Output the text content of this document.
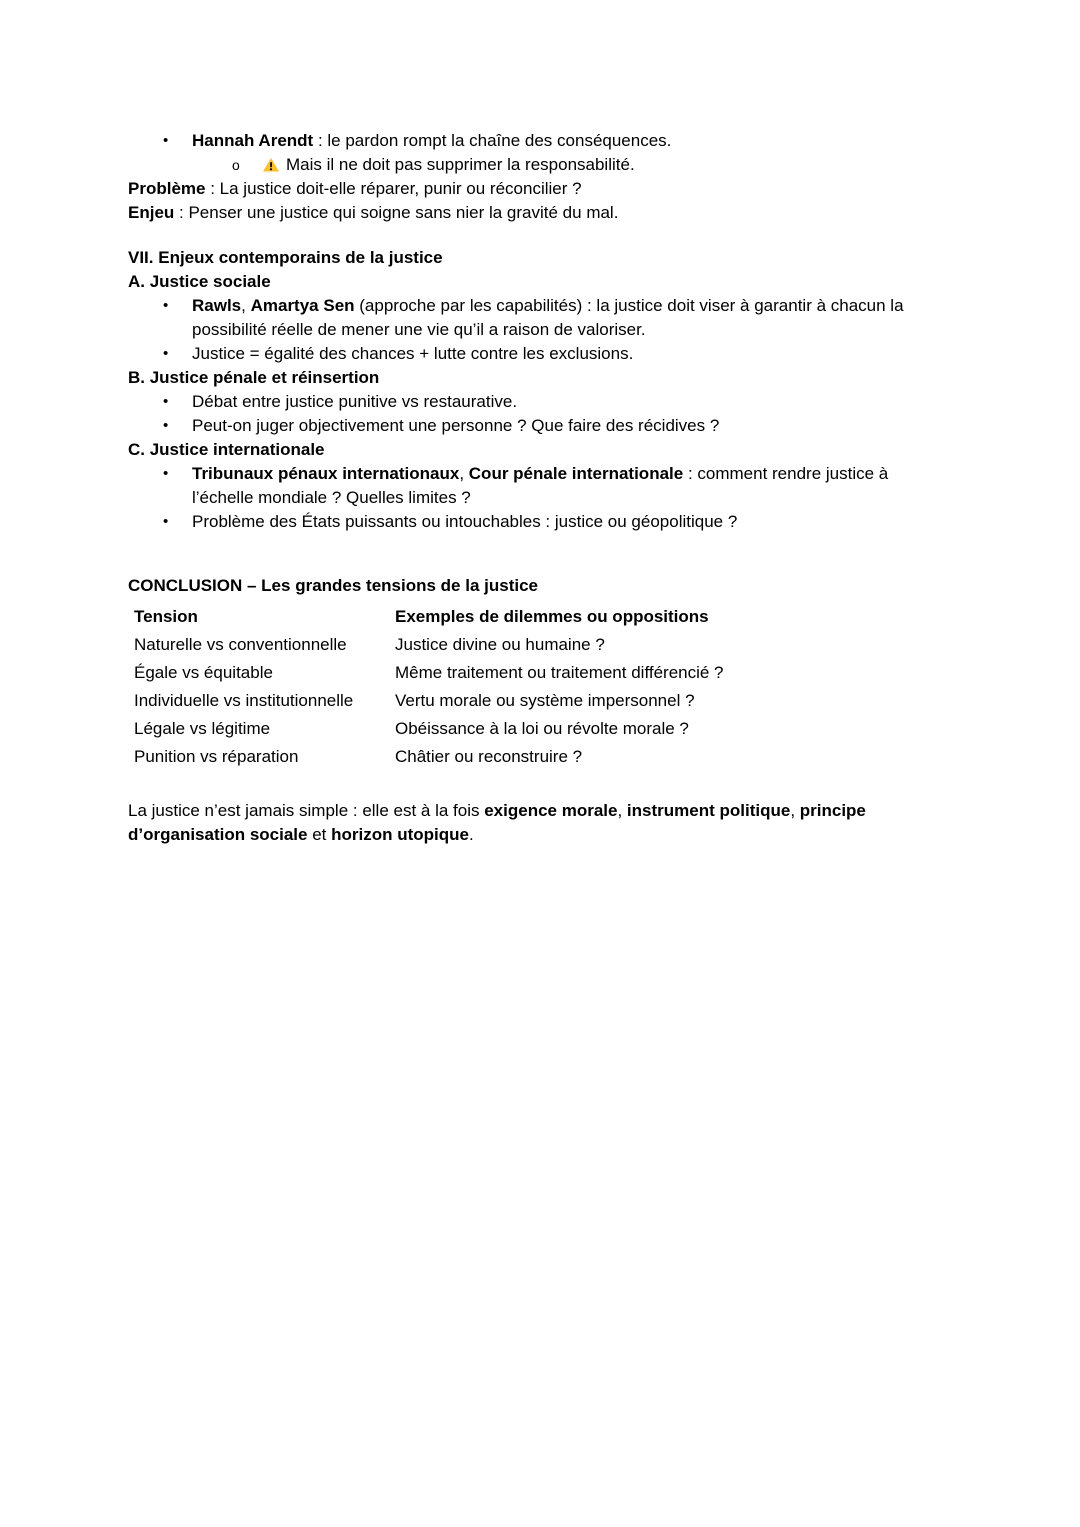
•	Hannah Arendt : le pardon rompt la chaîne des conséquences.
o	Mais il ne doit pas supprimer la responsabilité.

Problème : La justice doit-elle réparer, punir ou réconcilier ?

Enjeu : Penser une justice qui soigne sans nier la gravité du mal.

VII. Enjeux contemporains de la justice

A. Justice sociale

•	Rawls, Amartya Sen (approche par les capabilités) : la justice doit viser à garantir à chacun la possibilité réelle de mener une vie qu’il a raison de valoriser.
•	Justice = égalité des chances + lutte contre les exclusions.

B. Justice pénale et réinsertion

•	Débat entre justice punitive vs restaurative.
•	Peut-on juger objectivement une personne ? Que faire des récidives ?

C. Justice internationale

•	Tribunaux pénaux internationaux, Cour pénale internationale : comment rendre justice à l’échelle mondiale ? Quelles limites ?
•	Problème des États puissants ou intouchables : justice ou géopolitique ?

CONCLUSION – Les grandes tensions de la justice

Tension	Exemples de dilemmes ou oppositions
Naturelle vs conventionnelle	Justice divine ou humaine ?
Égale vs équitable	Même traitement ou traitement différencié ?
Individuelle vs institutionnelle	Vertu morale ou système impersonnel ?
Légale vs légitime	Obéissance à la loi ou révolte morale ?
Punition vs réparation	Châtier ou reconstruire ?

La justice n’est jamais simple : elle est à la fois exigence morale, instrument politique, principe d’organisation sociale et horizon utopique.
